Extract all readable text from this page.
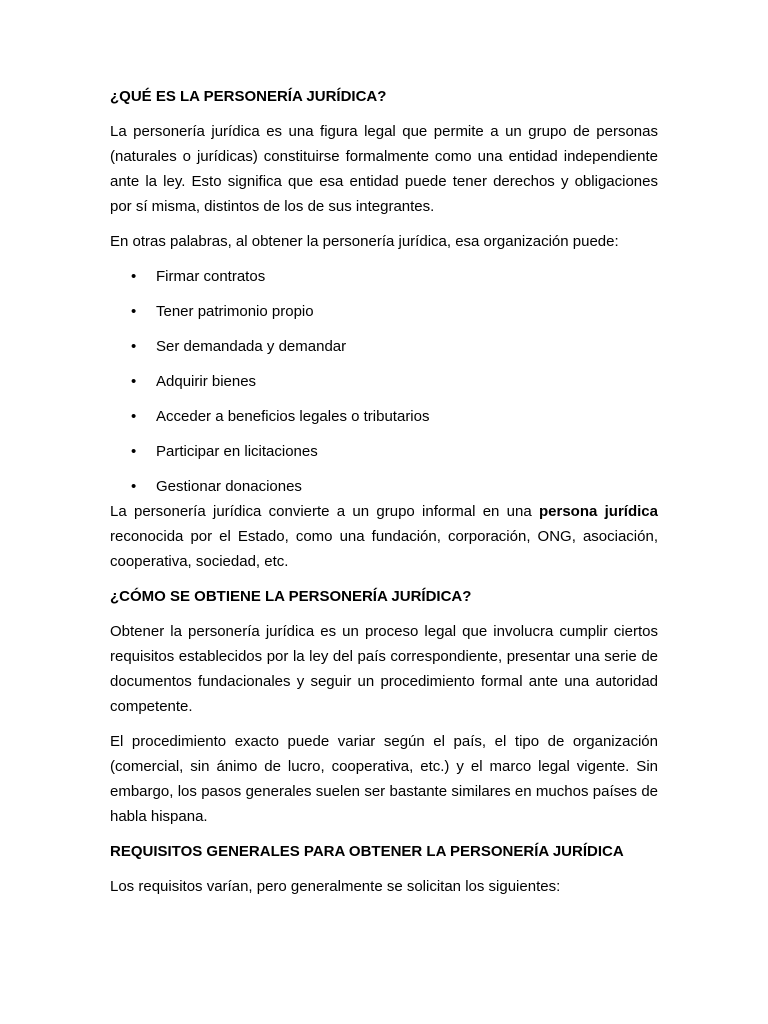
¿QUÉ ES LA PERSONERÍA JURÍDICA?

La personería jurídica es una figura legal que permite a un grupo de personas (naturales o jurídicas) constituirse formalmente como una entidad independiente ante la ley. Esto significa que esa entidad puede tener derechos y obligaciones por sí misma, distintos de los de sus integrantes.

En otras palabras, al obtener la personería jurídica, esa organización puede:

• Firmar contratos
• Tener patrimonio propio
• Ser demandada y demandar
• Adquirir bienes
• Acceder a beneficios legales o tributarios
• Participar en licitaciones
• Gestionar donaciones

La personería jurídica convierte a un grupo informal en una persona jurídica reconocida por el Estado, como una fundación, corporación, ONG, asociación, cooperativa, sociedad, etc.

¿CÓMO SE OBTIENE LA PERSONERÍA JURÍDICA?

Obtener la personería jurídica es un proceso legal que involucra cumplir ciertos requisitos establecidos por la ley del país correspondiente, presentar una serie de documentos fundacionales y seguir un procedimiento formal ante una autoridad competente.

El procedimiento exacto puede variar según el país, el tipo de organización (comercial, sin ánimo de lucro, cooperativa, etc.) y el marco legal vigente. Sin embargo, los pasos generales suelen ser bastante similares en muchos países de habla hispana.

REQUISITOS GENERALES PARA OBTENER LA PERSONERÍA JURÍDICA

Los requisitos varían, pero generalmente se solicitan los siguientes:
